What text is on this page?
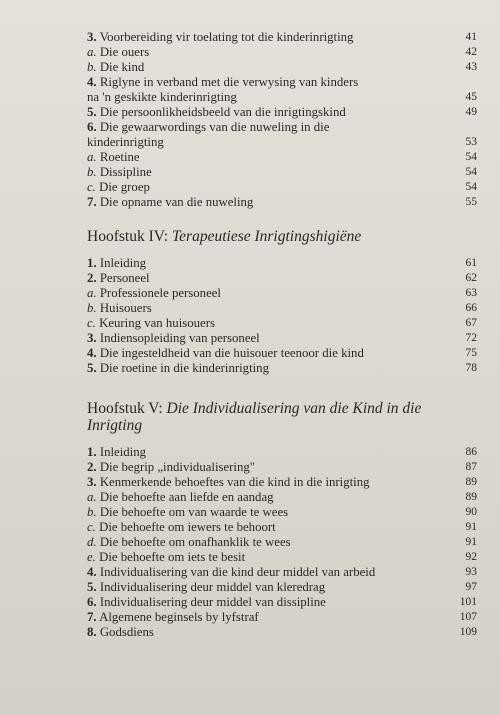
3. Voorbereiding vir toelating tot die kinderinrigting	41
a. Die ouers	42
b. Die kind	43
4. Riglyne in verband met die verwysing van kinders
na 'n geskikte kinderinrigting	45
5. Die persoonlikheidsbeeld van die inrigtingskind	49
6. Die gewaarwordings van die nuweling in die
kinderinrigting	53
a. Roetine	54
b. Dissipline	54
c. Die groep	54
7. Die opname van die nuweling	55
Hoofstuk IV: Terapeutiese Inrigtingshigiëne
1. Inleiding	61
2. Personeel	62
a. Professionele personeel	63
b. Huisouers	66
c. Keuring van huisouers	67
3. Indiensopleiding van personeel	72
4. Die ingesteldheid van die huisouer teenoor die kind	75
5. Die roetine in die kinderinrigting	78
Hoofstuk V: Die Individualisering van die Kind in die
Inrigting
1. Inleiding	86
2. Die begrip „individualisering"	87
3. Kenmerkende behoeftes van die kind in die inrigting	89
a. Die behoefte aan liefde en aandag	89
b. Die behoefte om van waarde te wees	90
c. Die behoefte om iewers te behoort	91
d. Die behoefte om onafhanklik te wees	91
e. Die behoefte om iets te besit	92
4. Individualisering van die kind deur middel van arbeid	93
5. Individualisering deur middel van kleredrag	97
6. Individualisering deur middel van dissipline	101
7. Algemene beginsels by lyfstraf	107
8. Godsdiens	109
